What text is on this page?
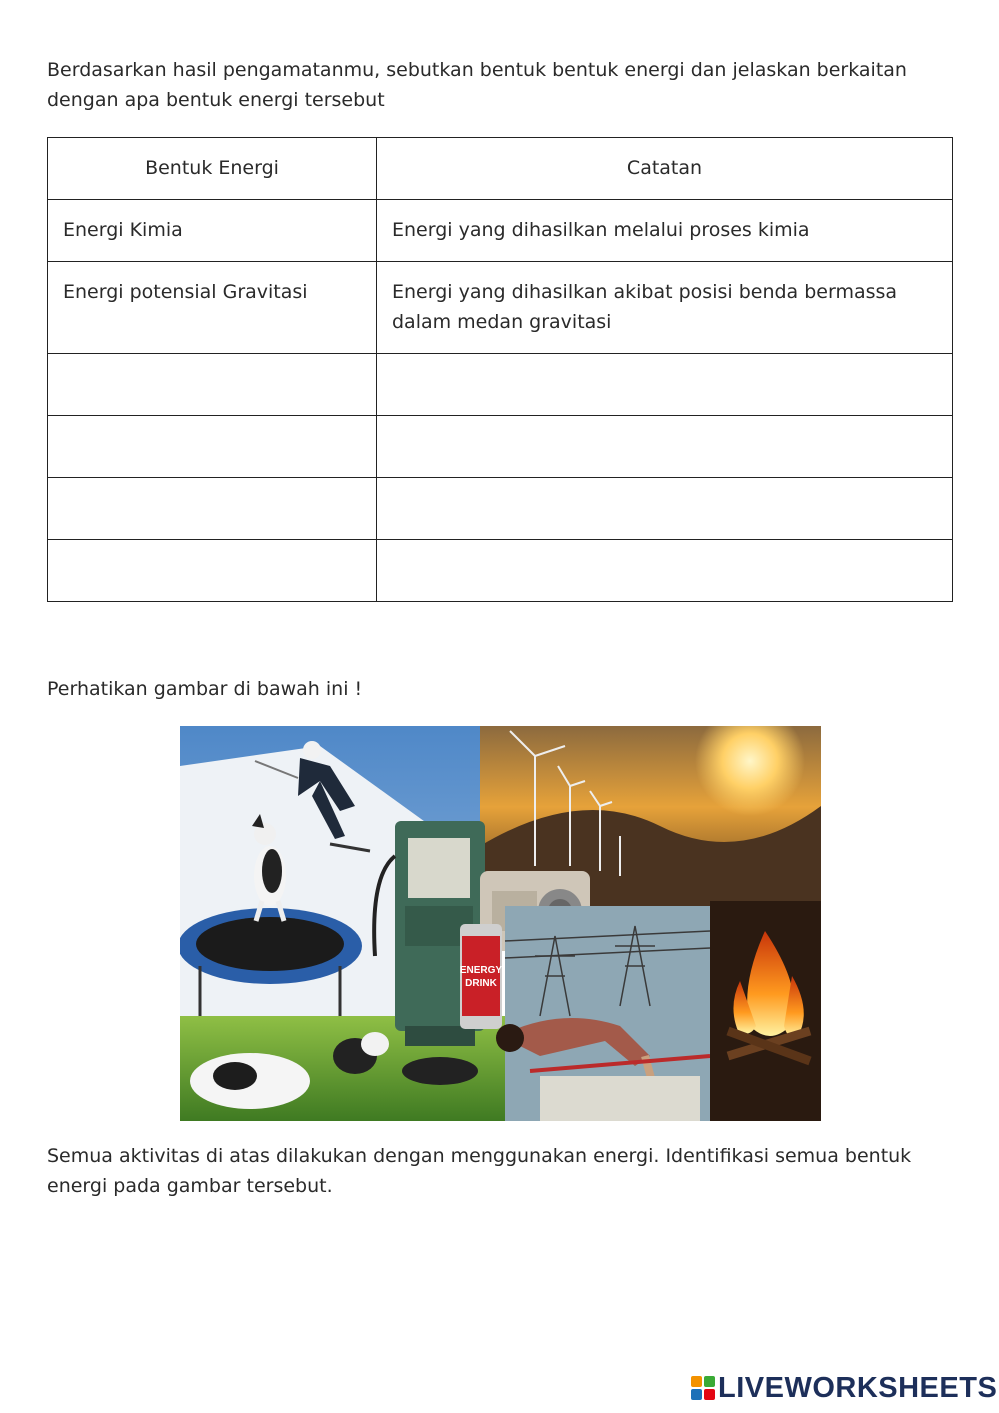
Berdasarkan hasil pengamatanmu, sebutkan bentuk bentuk energi dan jelaskan berkaitan dengan apa bentuk energi tersebut

Bentuk Energi	Catatan
Energi Kimia	Energi yang dihasilkan melalui proses kimia
Energi potensial Gravitasi	Energi yang dihasilkan akibat posisi benda bermassa dalam medan gravitasi

Perhatikan gambar di bawah ini !

ENERGY
DRINK

Semua aktivitas di atas dilakukan dengan menggunakan energi. Identifikasi semua bentuk energi pada gambar tersebut.

LIVEWORKSHEETS
